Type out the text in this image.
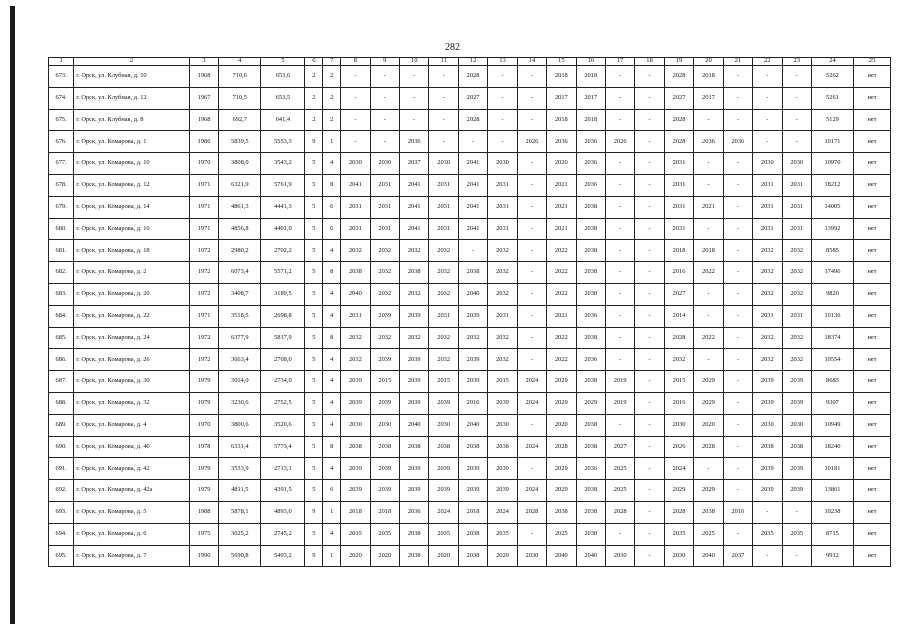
282
1	2	3	4	5	6	7	8	9	10	11	12	13	14	15	16	17	18	19	20	21	22	23	24	25
673.	г. Орск, ул. Клубная, д. 10	1968	710,6	653,6	2	2	-	-	-	-	2028	-	-	2018	2018	-	-	2028	2018	-	-	-	5262	нет
674.	г. Орск, ул. Клубная, д. 12	1967	710,5	653,5	2	2	-	-	-	-	2027	-	-	2017	2017	-	-	2027	2017	-	-	-	5261	нет
675.	г. Орск, ул. Клубная, д. 8	1968	692,7	641,4	2	2	-	-	-	-	2028	-	-	2018	2018	-	-	2028	-	-	-	-	5129	нет
676.	г. Орск, ул. Комарова, д. 1	1986	5839,5	5553,3	9	1	-	-	2036	-	-	-	2026	2036	2036	2026	-	2028	2036	2036	-	-	10171	нет
677.	г. Орск, ул. Комарова, д. 10	1970	3808,0	3543,2	5	4	2030	2030	2037	2030	2041	2030	-	2020	2036	-	-	2031	-	-	2030	2030	10970	нет
678.	г. Орск, ул. Комарова, д. 12	1971	6321,9	5761,9	5	8	2041	2031	2041	2031	2041	2031	-	2021	2036	-	-	2031	-	-	2031	2031	18212	нет
679.	г. Орск, ул. Комарова, д. 14	1971	4861,3	4441,3	5	6	2031	2031	2041	2031	2041	2031	-	2021	2038	-	-	2031	2021	-	2031	2031	14005	нет
680.	г. Орск, ул. Комарова, д. 16	1971	4856,8	4401,0	5	6	2031	2031	2041	2031	2041	2031	-	2021	2038	-	-	2031	-	-	2031	2031	13992	нет
681.	г. Орск, ул. Комарова, д. 18	1972	2980,2	2702,2	5	4	2032	2032	2032	2032	-	2032	-	2022	2038	-	-	2018	2018	-	2032	2032	8585	нет
682.	г. Орск, ул. Комарова, д. 2	1972	6073,4	5571,2	5	8	2038	2032	2038	2032	2038	2032	-	2022	2038	-	-	2016	2022	-	2032	2032	17496	нет
683.	г. Орск, ул. Комарова, д. 20	1972	3408,7	3189,5	5	4	2040	2032	2032	2032	2040	2032	-	2022	2038	-	-	2027	-	-	2032	2032	9820	нет
684.	г. Орск, ул. Комарова, д. 22	1971	3518,5	2698,8	5	4	2031	2039	2039	2031	2039	2031	-	2021	2036	-	-	2014	-	-	2031	2031	10136	нет
685.	г. Орск, ул. Комарова, д. 24	1972	6377,9	5817,9	5	8	2032	2032	2032	2032	2032	2032	-	2022	2038	-	-	2028	2022	-	2032	2032	18374	нет
686.	г. Орск, ул. Комарова, д. 26	1972	3663,4	2708,0	5	4	2032	2039	2039	2032	2039	2032	-	2022	2036	-	-	2032	-	-	2032	2032	10554	нет
687.	г. Орск, ул. Комарова, д. 30	1979	3014,0	2734,0	5	4	2039	2015	2039	2015	2039	2015	2024	2029	2038	2019	-	2015	2029	-	2039	2039	8683	нет
688.	г. Орск, ул. Комарова, д. 32	1979	3230,6	2752,5	5	4	2039	2039	2039	2039	2016	2039	2024	2029	2029	2019	-	2016	2029	-	2039	2039	9307	нет
689.	г. Орск, ул. Комарова, д. 4	1970	3800,6	3520,6	5	4	2030	2030	2040	2030	2040	2030	-	2020	2038	-	-	2030	2020	-	2030	2030	10949	нет
690.	г. Орск, ул. Комарова, д. 40	1978	6331,4	5773,4	5	8	2038	2038	2038	2038	2038	2038	2024	2028	2038	2027	-	2026	2028	-	2038	2038	18240	нет
691.	г. Орск, ул. Комарова, д. 42	1979	3533,9	2713,1	5	4	2039	2039	2039	2039	2039	2039	-	2029	2036	2025	-	2024	-	-	2039	2039	10181	нет
692.	г. Орск, ул. Комарова, д. 42а	1979	4811,5	4391,5	5	6	2039	2039	2039	2039	2039	2039	2024	2029	2038	2025	-	2029	2029	-	2039	2039	13861	нет
693.	г. Орск, ул. Комарова, д. 5	1988	5878,1	4893,0	9	1	2018	2018	2036	2024	2018	2024	2028	2038	2038	2028	-	2028	2038	2016	-	-	10238	нет
694.	г. Орск, ул. Комарова, д. 6	1975	3025,2	2745,2	5	4	2035	2035	2038	2035	2038	2035	-	2025	2038	-	-	2035	2025	-	2035	2035	8715	нет
695.	г. Орск, ул. Комарова, д. 7	1990	5690,8	5493,2	9	1	2020	2020	2038	2020	2038	2020	2030	2040	2040	2030	-	2030	2040	2037	-	-	9912	нет
